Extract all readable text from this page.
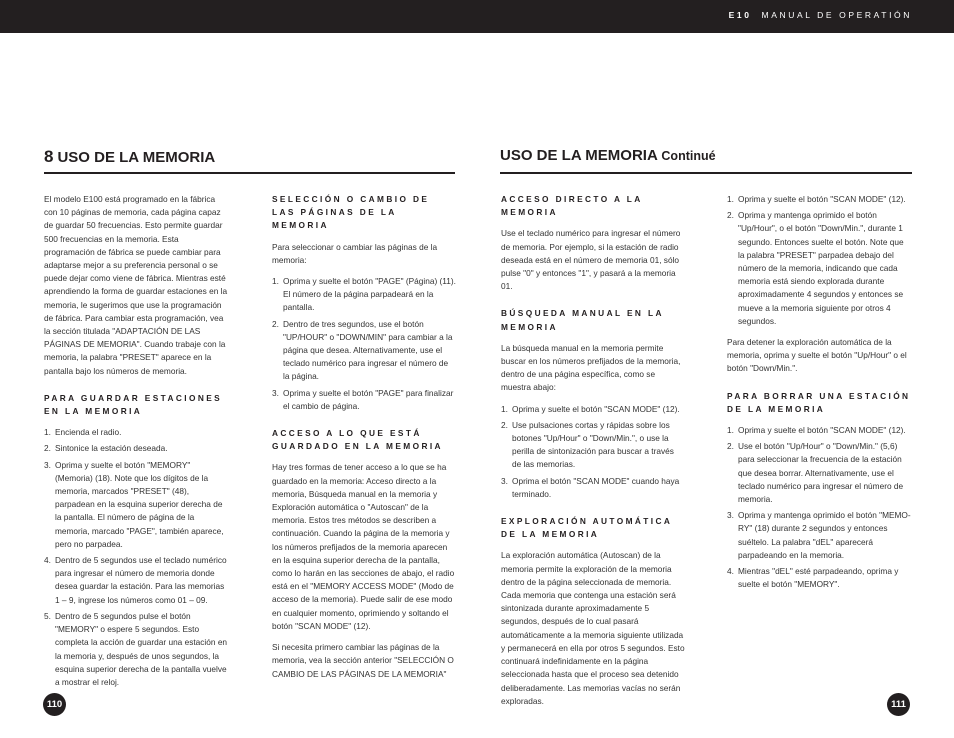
E10 MANUAL DE OPERATIÓN
8 USO DE LA MEMORIA	USO DE LA MEMORIA Continué

El modelo E100 está programado en la fábrica con 10 páginas de memoria, cada página capaz de guardar 50 frecuencias. Esto permite guardar 500 frecuencias en la memoria. Esta programación de fábrica se puede cambiar para adaptarse mejor a su preferencia personal o se puede dejar como viene de fábrica. Mientras esté aprendiendo la forma de guardar estaciones en la memoria, le sugerimos que use la programación de fábrica. Para cambiar esta programación, vea la sección titulada "ADAPTACIÓN DE LAS PÁGINAS DE MEMORIA". Cuando trabaje con la memoria, la palabra "PRESET" aparece en la pantalla bajo los números de memoria.

PARA GUARDAR ESTACIONES EN LA MEMORIA
1. Encienda el radio.
2. Sintonice la estación deseada.
3. Oprima y suelte el botón "MEMORY" (Memoria) (18). Note que los dígitos de la memoria, marcados "PRESET" (48), parpadean en la esquina superior derecha de la pantalla. El número de página de la memoria, marcado "PAGE", también aparece, pero no parpadea.
4. Dentro de 5 segundos use el teclado numérico para ingresar el número de memoria donde desea guardar la estación. Para las memorias 1 – 9, ingrese los números como 01 – 09.
5. Dentro de 5 segundos pulse el botón "MEMORY" o espere 5 segundos. Esto completa la acción de guardar una estación en la memoria y, después de unos segundos, la esquina superior derecha de la pantalla vuelve a mostrar el reloj.
SELECCIÓN O CAMBIO DE LAS PÁGINAS DE LA MEMORIA

Para seleccionar o cambiar las páginas de la memoria:

1. Oprima y suelte el botón "PAGE" (Página) (11). El número de la página parpadeará en la pantalla.
2. Dentro de tres segundos, use el botón "UP/HOUR" o "DOWN/MIN" para cambiar a la página que desea. Alternativamente, use el teclado numérico para ingresar el número de la página.
3. Oprima y suelte el botón "PAGE" para finalizar el cambio de página.
ACCESO A LO QUE ESTÁ GUARDADO EN LA MEMORIA

Hay tres formas de tener acceso a lo que se ha guardado en la memoria: Acceso directo a la memoria, Búsqueda manual en la memoria y Exploración automática o "Autoscan" de la memoria. Estos tres métodos se describen a continuación. Cuando la página de la memoria y los números prefijados de la memoria aparecen en la esquina superior derecha de la pantalla, como lo harán en las secciones de abajo, el radio está en el "MEMORY ACCESS MODE" (Modo de acceso de la memoria). Puede salir de ese modo en cualquier momento, oprimiendo y soltando el botón "SCAN MODE" (12).

Si necesita primero cambiar las páginas de la memoria, vea la sección anterior "SELECCIÓN O CAMBIO DE LAS PÁGINAS DE LA MEMORIA"

ACCESO DIRECTO A LA MEMORIA

Use el teclado numérico para ingresar el número de memoria. Por ejemplo, si la estación de radio deseada está en el número de memoria 01, sólo pulse "0" y entonces "1", y pasará a la memoria 01.

BÚSQUEDA MANUAL EN LA MEMORIA

La búsqueda manual en la memoria permite buscar en los números prefijados de la memoria, dentro de una página específica, como se muestra abajo:

1. Oprima y suelte el botón "SCAN MODE" (12).
2. Use pulsaciones cortas y rápidas sobre los botones "Up/Hour" o "Down/Min.", o use la perilla de sintonización para buscar a través de las memorias.
3. Oprima el botón "SCAN MODE" cuando haya terminado.
EXPLORACIÓN AUTOMÁTICA DE LA MEMORIA

La exploración automática (Autoscan) de la memoria permite la exploración de la memoria dentro de la página seleccionada de memoria. Cada memoria que contenga una estación será sintonizada durante aproximadamente 5 segundos, después de lo cual pasará automáticamente a la memoria siguiente utilizada y permanecerá en ella por otros 5 segundos. Esto continuará indefinidamente en la página seleccionada hasta que el proceso sea detenido deliberadamente. Las memorias vacías no serán exploradas.

1. Oprima y suelte el botón "SCAN MODE" (12).
2. Oprima y mantenga oprimido el botón "Up/Hour", o el botón "Down/Min.", durante 1 segundo. Entonces suelte el botón. Note que la palabra "PRESET" parpadea debajo del número de la memoria, indicando que cada memoria está siendo explorada durante aproximadamente 4 segundos y entonces se mueve a la memoria siguiente por otros 4 segundos.

Para detener la exploración automática de la memoria, oprima y suelte el botón "Up/Hour" o el botón "Down/Min.".

PARA BORRAR UNA ESTACIÓN DE LA MEMORIA
1. Oprima y suelte el botón "SCAN MODE" (12).
2. Use el botón "Up/Hour" o "Down/Min." (5,6) para seleccionar la frecuencia de la estación que desea borrar. Alternativamente, use el teclado numérico para ingresar el número de memoria.
3. Oprima y mantenga oprimido el botón "MEMO-RY" (18) durante 2 segundos y entonces suéltelo. La palabra "dEL" aparecerá parpadeando en la memoria.
4. Mientras "dEL" esté parpadeando, oprima y suelte el botón "MEMORY".
110	111
